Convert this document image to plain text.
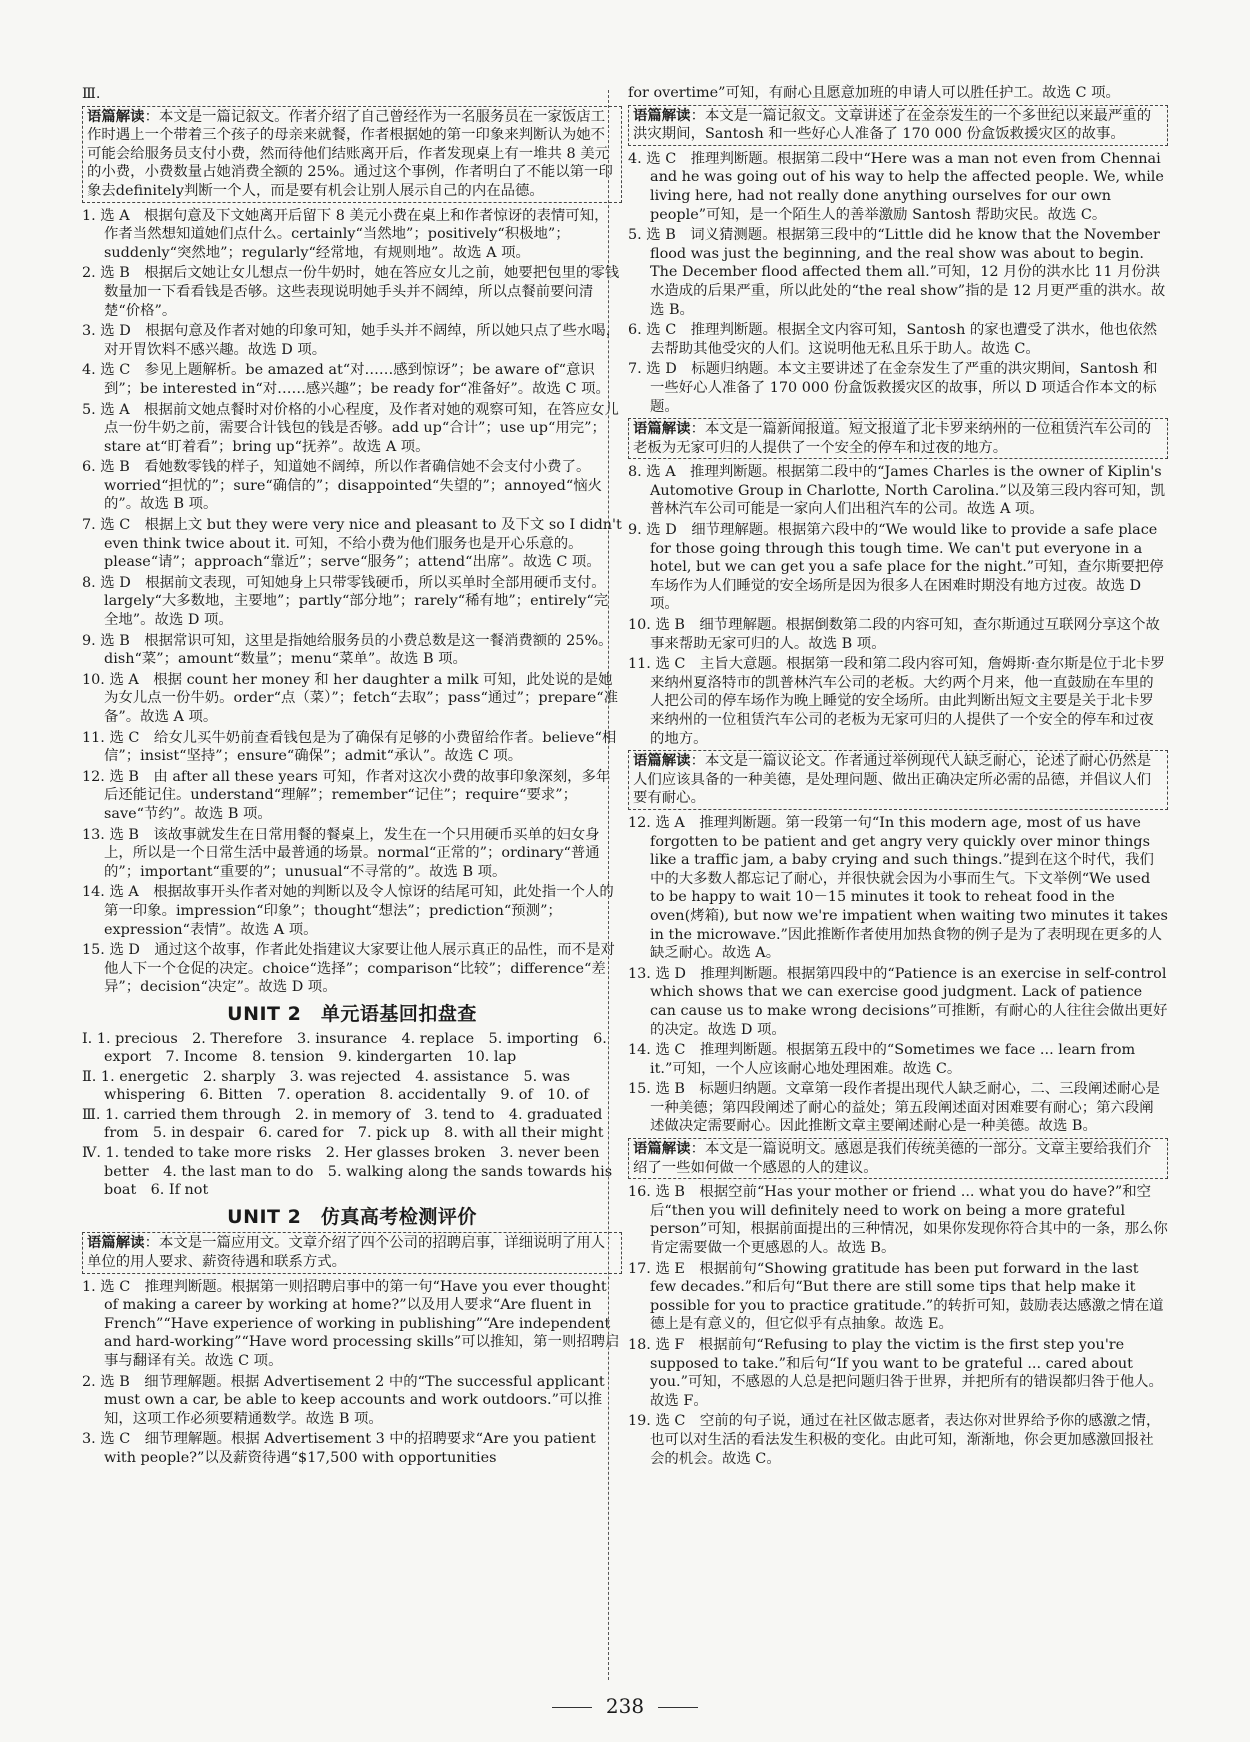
Ⅲ.
语篇解读：本文是一篇记叙文。作者介绍了自己曾经作为一名服务员在一家饭店工作时遇上一个带着三个孩子的母亲来就餐，作者根据她的第一印象来判断认为她不可能会给服务员支付小费，然而待他们结账离开后，作者发现桌上有一堆共 8 美元的小费，小费数量占她消费全额的 25%。通过这个事例，作者明白了不能以第一印象去definitely判断一个人，而是要有机会让别人展示自己的内在品德。
1. 选 A　根据句意及下文她离开后留下 8 美元小费在桌上和作者惊讶的表情可知，作者当然想知道她们点什么。certainly“当然地”；positively“积极地”；suddenly“突然地”；regularly“经常地，有规则地”。故选 A 项。
2. 选 B　根据后文她让女儿想点一份牛奶时，她在答应女儿之前，她要把包里的零钱数量加一下看看钱是否够。这些表现说明她手头并不阔绰，所以点餐前要问清楚“价格”。
3. 选 D　根据句意及作者对她的印象可知，她手头并不阔绰，所以她只点了些水喝，对开胃饮料不感兴趣。故选 D 项。
4. 选 C　参见上题解析。be amazed at“对……感到惊讶”；be aware of“意识到”；be interested in“对……感兴趣”；be ready for“准备好”。故选 C 项。
5. 选 A　根据前文她点餐时对价格的小心程度，及作者对她的观察可知，在答应女儿点一份牛奶之前，需要合计钱包的钱是否够。add up“合计”；use up“用完”；stare at“盯着看”；bring up“抚养”。故选 A 项。
6. 选 B　看她数零钱的样子，知道她不阔绰，所以作者确信她不会支付小费了。worried“担忧的”；sure“确信的”；disappointed“失望的”；annoyed“恼火的”。故选 B 项。
7. 选 C　根据上文 but they were very nice and pleasant to 及下文 so I didn't even think twice about it. 可知，不给小费为他们服务也是开心乐意的。please“请”；approach“靠近”；serve“服务”；attend“出席”。故选 C 项。
8. 选 D　根据前文表现，可知她身上只带零钱硬币，所以买单时全部用硬币支付。largely“大多数地，主要地”；partly“部分地”；rarely“稀有地”；entirely“完全地”。故选 D 项。
9. 选 B　根据常识可知，这里是指她给服务员的小费总数是这一餐消费额的 25%。dish“菜”；amount“数量”；menu“菜单”。故选 B 项。
10. 选 A　根据 count her money 和 her daughter a milk 可知，此处说的是她为女儿点一份牛奶。order“点（菜）”；fetch“去取”；pass“通过”；prepare“准备”。故选 A 项。
11. 选 C　给女儿买牛奶前查看钱包是为了确保有足够的小费留给作者。believe“相信”；insist“坚持”；ensure“确保”；admit“承认”。故选 C 项。
12. 选 B　由 after all these years 可知，作者对这次小费的故事印象深刻，多年后还能记住。understand“理解”；remember“记住”；require“要求”；save“节约”。故选 B 项。
13. 选 B　该故事就发生在日常用餐的餐桌上，发生在一个只用硬币买单的妇女身上，所以是一个日常生活中最普通的场景。normal“正常的”；ordinary“普通的”；important“重要的”；unusual“不寻常的”。故选 B 项。
14. 选 A　根据故事开头作者对她的判断以及令人惊讶的结尾可知，此处指一个人的第一印象。impression“印象”；thought“想法”；prediction“预测”；expression“表情”。故选 A 项。
15. 选 D　通过这个故事，作者此处指建议大家要让他人展示真正的品性，而不是对他人下一个仓促的决定。choice“选择”；comparison“比较”；difference“差异”；decision“决定”。故选 D 项。
UNIT 2　单元语基回扣盘查
Ⅰ. 1. precious　2. Therefore　3. insurance　4. replace　5. importing　6. export　7. Income　8. tension　9. kindergarten　10. lap
Ⅱ. 1. energetic　2. sharply　3. was rejected　4. assistance　5. was whispering　6. Bitten　7. operation　8. accidentally　9. of　10. of
Ⅲ. 1. carried them through　2. in memory of　3. tend to　4. graduated from　5. in despair　6. cared for　7. pick up　8. with all their might
Ⅳ. 1. tended to take more risks　2. Her glasses broken　3. never been better　4. the last man to do　5. walking along the sands towards his boat　6. If not
UNIT 2　仿真高考检测评价
语篇解读：本文是一篇应用文。文章介绍了四个公司的招聘启事，详细说明了用人单位的用人要求、薪资待遇和联系方式。
1. 选 C　推理判断题。根据第一则招聘启事中的第一句“Have you ever thought of making a career by working at home?”以及用人要求“Are fluent in French”“Have experience of working in publishing”“Are independent and hard-working”“Have word processing skills”可以推知，第一则招聘启事与翻译有关。故选 C 项。
2. 选 B　细节理解题。根据 Advertisement 2 中的“The successful applicant must own a car, be able to keep accounts and work outdoors.”可以推知，这项工作必须要精通数学。故选 B 项。
3. 选 C　细节理解题。根据 Advertisement 3 中的招聘要求“Are you patient with people?”以及薪资待遇“$17,500 with opportunities
for overtime”可知，有耐心且愿意加班的申请人可以胜任护工。故选 C 项。
语篇解读：本文是一篇记叙文。文章讲述了在金奈发生的一个多世纪以来最严重的洪灾期间，Santosh 和一些好心人准备了 170 000 份盒饭救援灾区的故事。
4. 选 C　推理判断题。根据第二段中“Here was a man not even from Chennai and he was going out of his way to help the affected people. We, while living here, had not really done anything ourselves for our own people”可知，是一个陌生人的善举激励 Santosh 帮助灾民。故选 C。
5. 选 B　词义猜测题。根据第三段中的“Little did he know that the November flood was just the beginning, and the real show was about to begin. The December flood affected them all.”可知，12 月份的洪水比 11 月份洪水造成的后果严重，所以此处的“the real show”指的是 12 月更严重的洪水。故选 B。
6. 选 C　推理判断题。根据全文内容可知，Santosh 的家也遭受了洪水，他也依然去帮助其他受灾的人们。这说明他无私且乐于助人。故选 C。
7. 选 D　标题归纳题。本文主要讲述了在金奈发生了严重的洪灾期间，Santosh 和一些好心人准备了 170 000 份盒饭救援灾区的故事，所以 D 项适合作本文的标题。
语篇解读：本文是一篇新闻报道。短文报道了北卡罗来纳州的一位租赁汽车公司的老板为无家可归的人提供了一个安全的停车和过夜的地方。
8. 选 A　推理判断题。根据第二段中的“James Charles is the owner of Kiplin's Automotive Group in Charlotte, North Carolina.”以及第三段内容可知，凯普林汽车公司可能是一家向人们出租汽车的公司。故选 A 项。
9. 选 D　细节理解题。根据第六段中的“We would like to provide a safe place for those going through this tough time. We can't put everyone in a hotel, but we can get you a safe place for the night.”可知，查尔斯要把停车场作为人们睡觉的安全场所是因为很多人在困难时期没有地方过夜。故选 D 项。
10. 选 B　细节理解题。根据倒数第二段的内容可知，查尔斯通过互联网分享这个故事来帮助无家可归的人。故选 B 项。
11. 选 C　主旨大意题。根据第一段和第二段内容可知，詹姆斯·查尔斯是位于北卡罗来纳州夏洛特市的凯普林汽车公司的老板。大约两个月来，他一直鼓励在车里的人把公司的停车场作为晚上睡觉的安全场所。由此判断出短文主要是关于北卡罗来纳州的一位租赁汽车公司的老板为无家可归的人提供了一个安全的停车和过夜的地方。
语篇解读：本文是一篇议论文。作者通过举例现代人缺乏耐心，论述了耐心仍然是人们应该具备的一种美德，是处理问题、做出正确决定所必需的品德，并倡议人们要有耐心。
12. 选 A　推理判断题。第一段第一句“In this modern age, most of us have forgotten to be patient and get angry very quickly over minor things like a traffic jam, a baby crying and such things.”提到在这个时代，我们中的大多数人都忘记了耐心，并很快就会因为小事而生气。下文举例“We used to be happy to wait 10－15 minutes it took to reheat food in the oven(烤箱), but now we're impatient when waiting two minutes it takes in the microwave.”因此推断作者使用加热食物的例子是为了表明现在更多的人缺乏耐心。故选 A。
13. 选 D　推理判断题。根据第四段中的“Patience is an exercise in self-control which shows that we can exercise good judgment. Lack of patience can cause us to make wrong decisions”可推断，有耐心的人往往会做出更好的决定。故选 D 项。
14. 选 C　推理判断题。根据第五段中的“Sometimes we face ... learn from it.”可知，一个人应该耐心地处理困难。故选 C。
15. 选 B　标题归纳题。文章第一段作者提出现代人缺乏耐心，二、三段阐述耐心是一种美德；第四段阐述了耐心的益处；第五段阐述面对困难要有耐心；第六段阐述做决定需要耐心。因此推断文章主要阐述耐心是一种美德。故选 B。
语篇解读：本文是一篇说明文。感恩是我们传统美德的一部分。文章主要给我们介绍了一些如何做一个感恩的人的建议。
16. 选 B　根据空前“Has your mother or friend ... what you do have?”和空后“then you will definitely need to work on being a more grateful person”可知，根据前面提出的三种情况，如果你发现你符合其中的一条，那么你肯定需要做一个更感恩的人。故选 B。
17. 选 E　根据前句“Showing gratitude has been put forward in the last few decades.”和后句“But there are still some tips that help make it possible for you to practice gratitude.”的转折可知，鼓励表达感激之情在道德上是有意义的，但它似乎有点抽象。故选 E。
18. 选 F　根据前句“Refusing to play the victim is the first step you're supposed to take.”和后句“If you want to be grateful ... cared about you.”可知，不感恩的人总是把问题归咎于世界，并把所有的错误都归咎于他人。故选 F。
19. 选 C　空前的句子说，通过在社区做志愿者，表达你对世界给予你的感激之情，也可以对生活的看法发生积极的变化。由此可知，渐渐地，你会更加感激回报社会的机会。故选 C。
238
